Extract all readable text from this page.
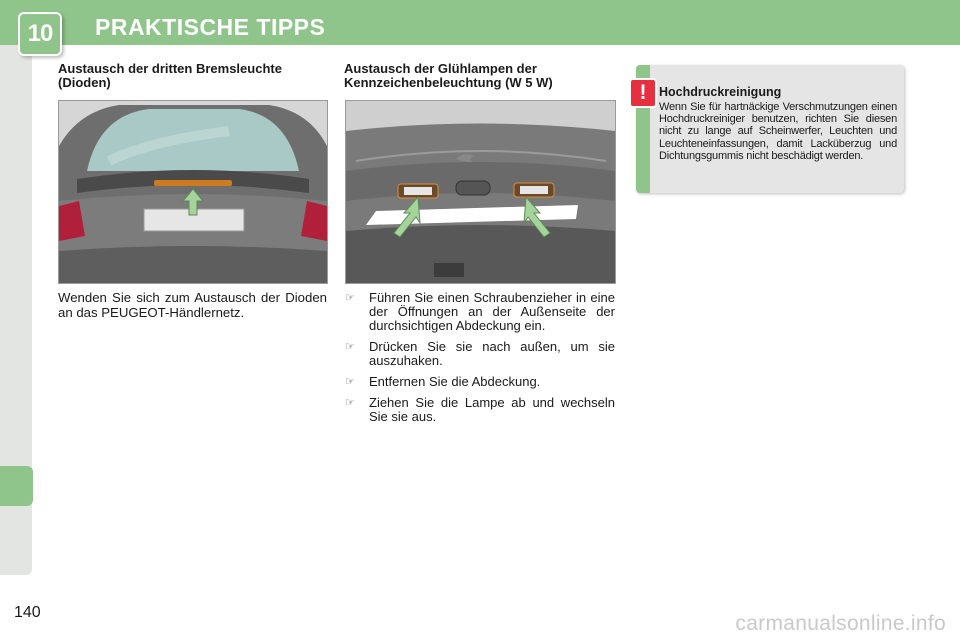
10	PRAKTISCHE TIPPS
Austausch der dritten Bremsleuchte (Dioden)
Wenden Sie sich zum Austausch der Dioden an das PEUGEOT-Händlernetz.
Austausch der Glühlampen der Kennzeichenbeleuchtung (W 5 W)
☞ Führen Sie einen Schraubenzieher in eine der Öffnungen an der Außenseite der durchsichtigen Abdeckung ein.
☞ Drücken Sie sie nach außen, um sie auszuhaken.
☞ Entfernen Sie die Abdeckung.
☞ Ziehen Sie die Lampe ab und wechseln Sie sie aus.
!	Hochdruckreinigung
Wenn Sie für hartnäckige Verschmutzungen einen Hochdruckreiniger benutzen, richten Sie diesen nicht zu lange auf Scheinwerfer, Leuchten und Leuchteneinfassungen, damit Lacküberzug und Dichtungsgummis nicht beschädigt werden.
140	carmanualsonline.info
